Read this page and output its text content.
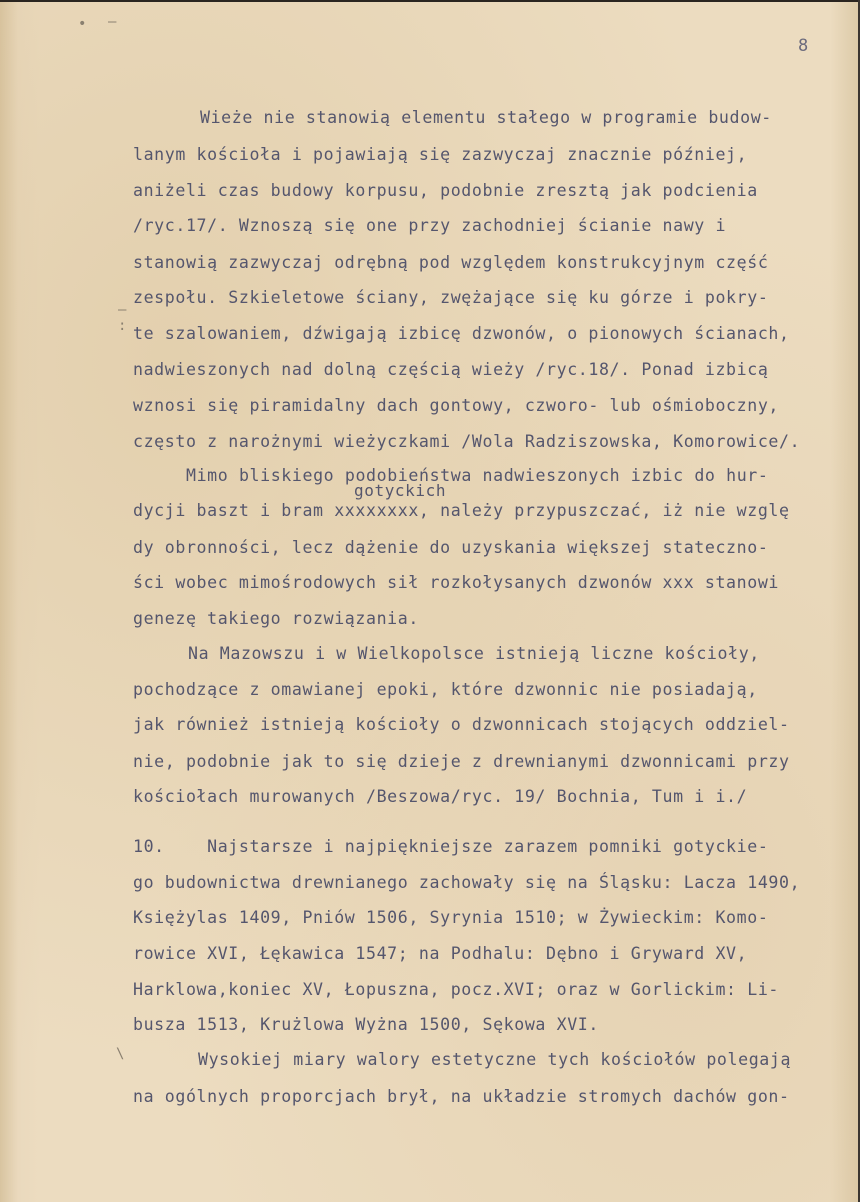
• –
–
:
\
8

Wieże nie stanowią elementu stałego w programie budow-

lanym kościoła i pojawiają się zazwyczaj znacznie później,

aniżeli czas budowy korpusu, podobnie zresztą jak podcienia

/ryc.17/. Wznoszą się one przy zachodniej ścianie nawy i

stanowią zazwyczaj odrębną pod względem konstrukcyjnym część

zespołu. Szkieletowe ściany, zwężające się ku górze i pokry-

te szalowaniem, dźwigają izbicę dzwonów, o pionowych ścianach,

nadwieszonych nad dolną częścią wieży /ryc.18/. Ponad izbicą

wznosi się piramidalny dach gontowy, czworo- lub ośmioboczny,

często z narożnymi wieżyczkami /Wola Radziszowska, Komorowice/.

Mimo bliskiego podobieństwa nadwieszonych izbic do hur-

gotyckich

dycji baszt i bram xxxxxxxx, należy przypuszczać, iż nie wzglę

dy obronności, lecz dążenie do uzyskania większej stateczno-

ści wobec mimośrodowych sił rozkołysanych dzwonów xxx stanowi

genezę takiego rozwiązania.

Na Mazowszu i w Wielkopolsce istnieją liczne kościoły,

pochodzące z omawianej epoki, które dzwonnic nie posiadają,

jak również istnieją kościoły o dzwonnicach stojących oddziel-

nie, podobnie jak to się dzieje z drewnianymi dzwonnicami przy

kościołach murowanych /Beszowa/ryc. 19/ Bochnia, Tum i i./

10.    Najstarsze i najpiękniejsze zarazem pomniki gotyckie-

go budownictwa drewnianego zachowały się na Śląsku: Lacza 1490,

Księżylas 1409, Pniów 1506, Syrynia 1510; w Żywieckim: Komo-

rowice XVI, Łękawica 1547; na Podhalu: Dębno i Gryward XV,

Harklowa,koniec XV, Łopuszna, pocz.XVI; oraz w Gorlickim: Li-

busza 1513, Krużlowa Wyżna 1500, Sękowa XVI.

Wysokiej miary walory estetyczne tych kościołów polegają

na ogólnych proporcjach brył, na układzie stromych dachów gon-
